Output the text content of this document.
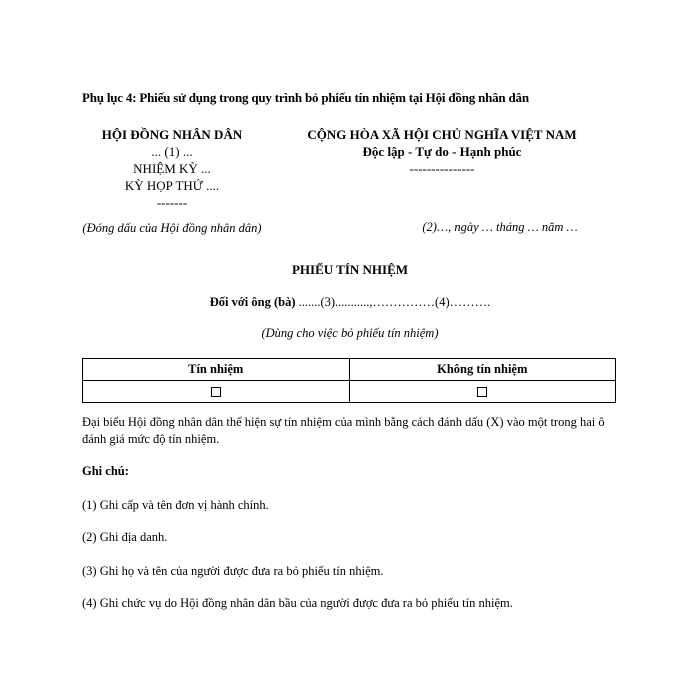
Phụ lục 4: Phiếu sử dụng trong quy trình bỏ phiếu tín nhiệm tại Hội đồng nhân dân
HỘI ĐỒNG NHÂN DÂN
... (1) ...
NHIỆM KỲ ...
KỲ HỌP THỨ ....
-------
CỘNG HÒA XÃ HỘI CHỦ NGHĨA VIỆT NAM
Độc lập - Tự do - Hạnh phúc
---------------
(Đóng dấu của Hội đồng nhân dân)	(2)…, ngày … tháng … năm …
PHIẾU TÍN NHIỆM
Đối với ông (bà) .......(3)...........,……………(4)……….
(Dùng cho việc bỏ phiếu tín nhiệm)
Tín nhiệm	Không tín nhiệm

Đại biểu Hội đồng nhân dân thể hiện sự tín nhiệm của mình bằng cách đánh dấu (X) vào một trong hai ô đánh giá mức độ tín nhiệm.
Ghi chú:
(1) Ghi cấp và tên đơn vị hành chính.
(2) Ghi địa danh.
(3) Ghi họ và tên của người được đưa ra bỏ phiếu tín nhiệm.
(4) Ghi chức vụ do Hội đồng nhân dân bầu của người được đưa ra bỏ phiếu tín nhiệm.
